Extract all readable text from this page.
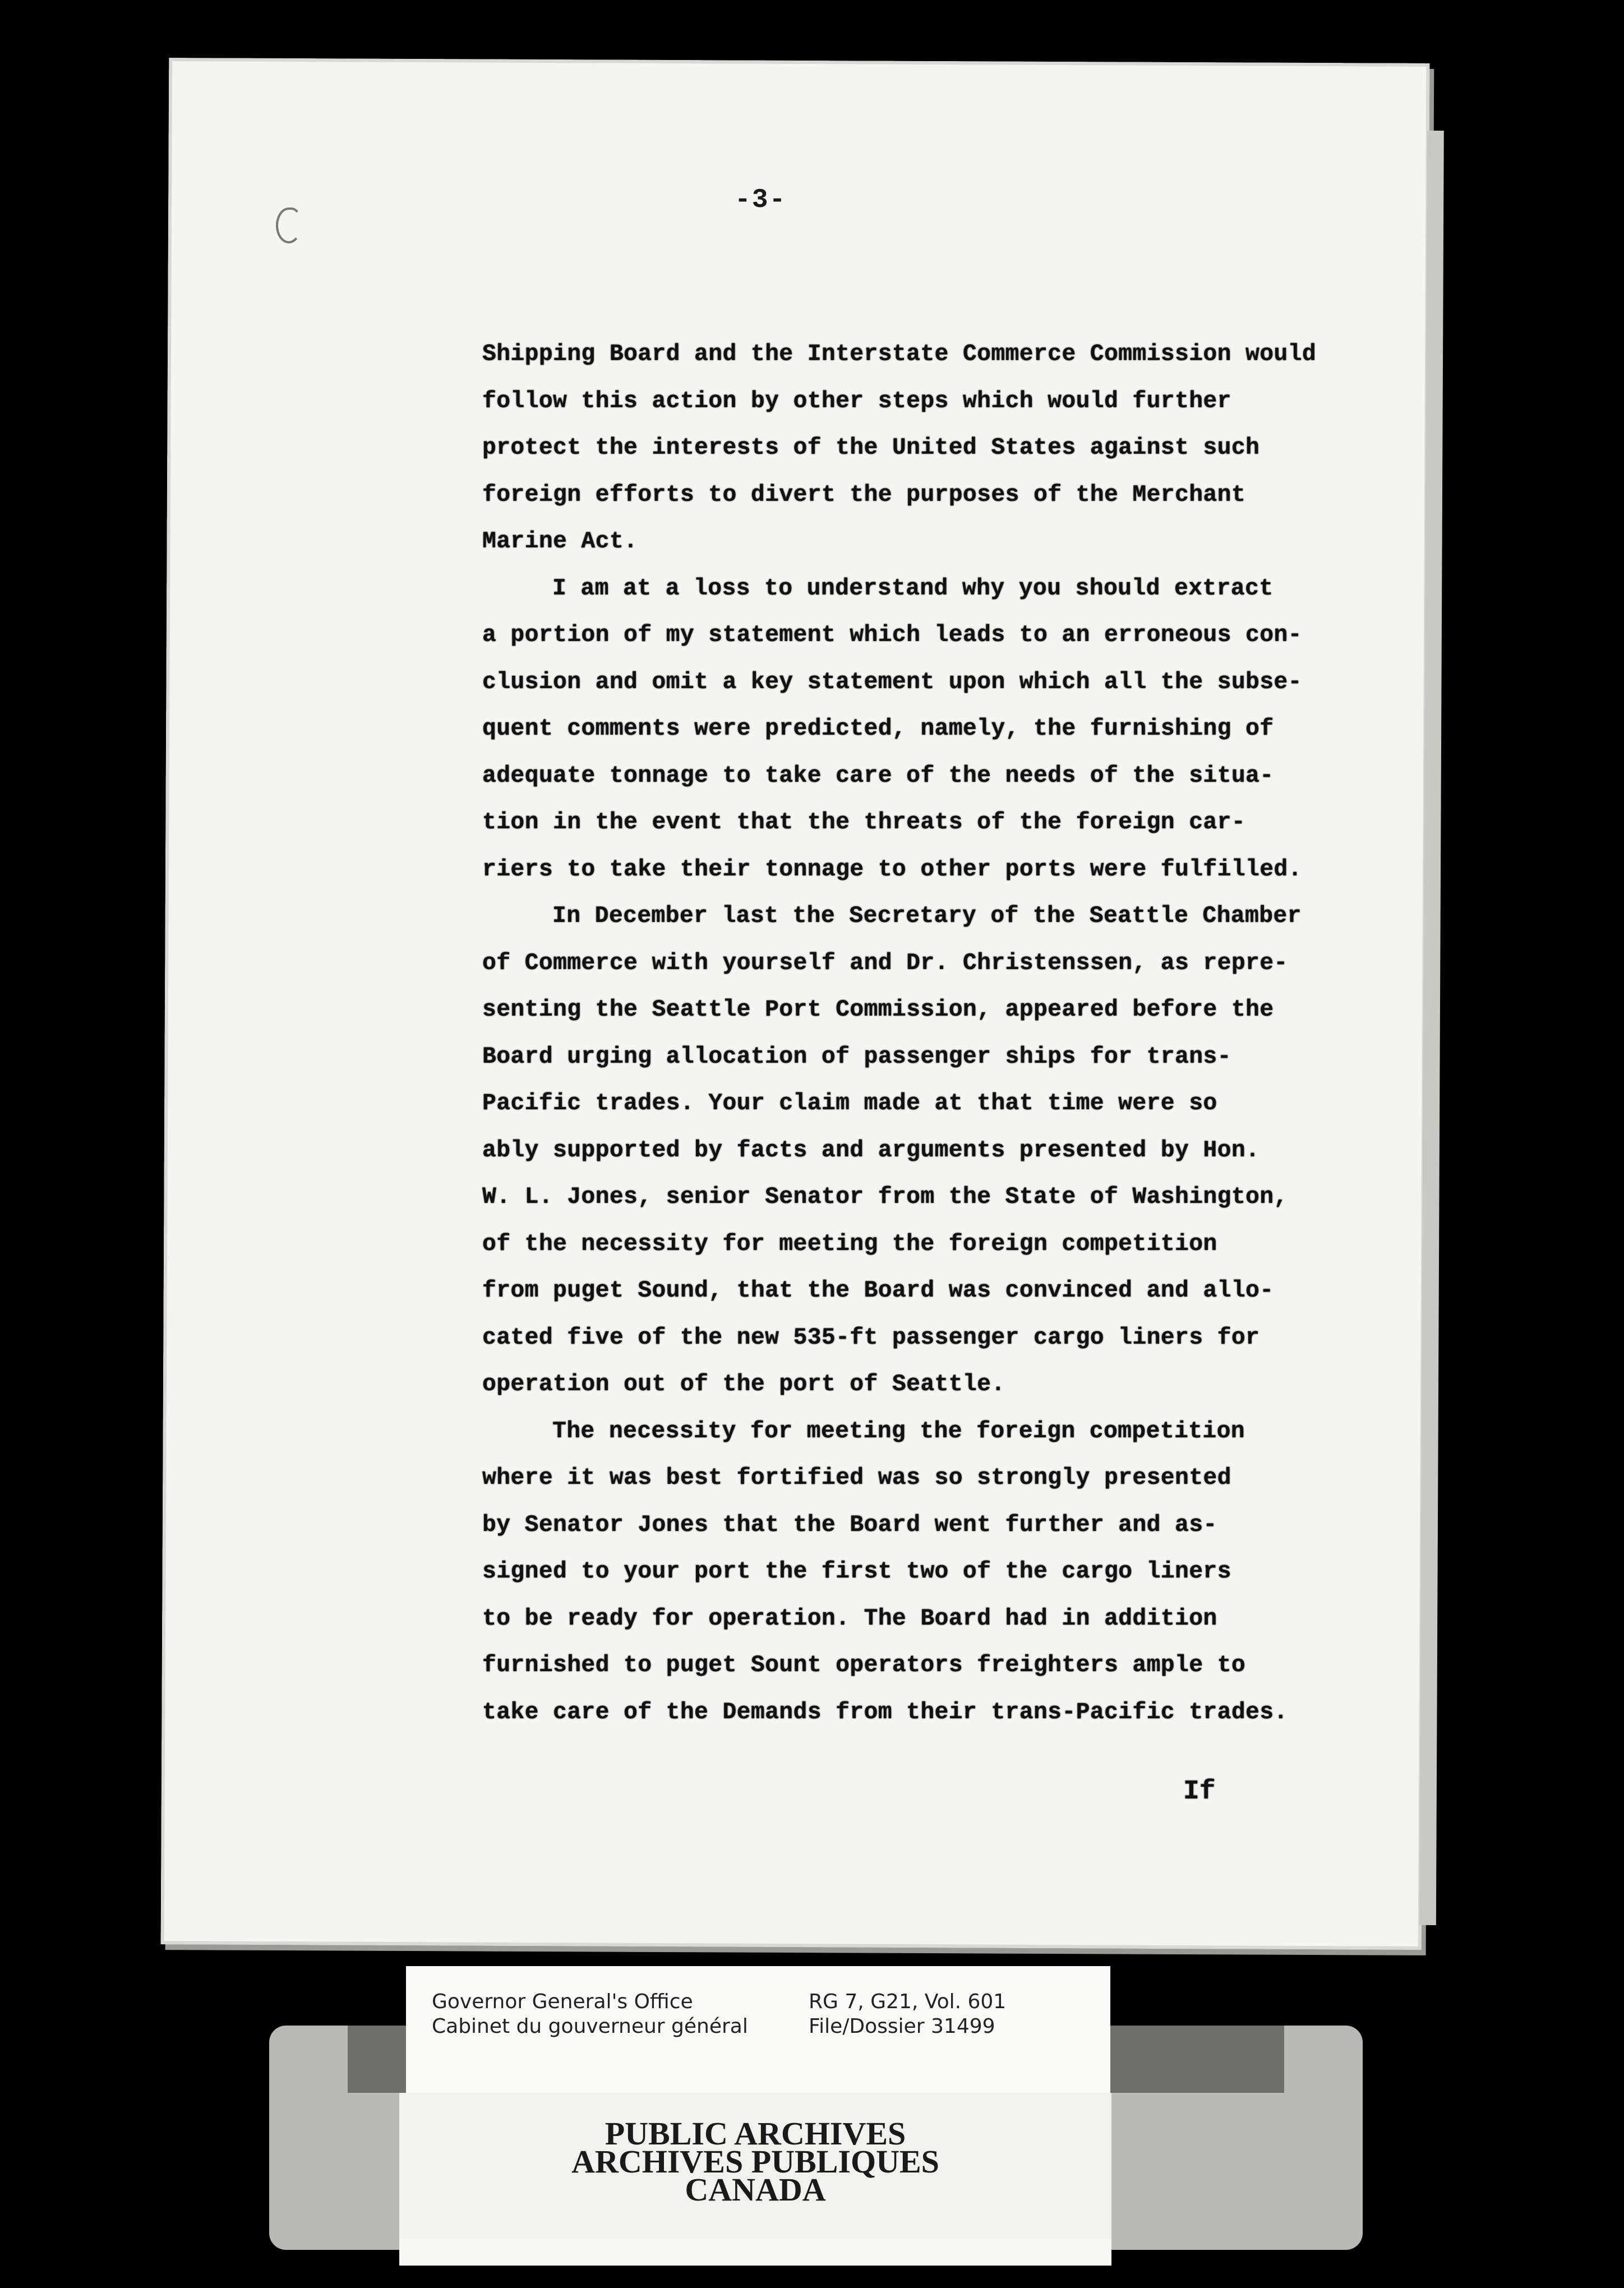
-3-
Shipping Board and the Interstate Commerce Commission would
follow this action by other steps which would further
protect the interests of the United States against such
foreign efforts to divert the purposes of the Merchant
Marine Act.
I am at a loss to understand why you should extract
a portion of my statement which leads to an erroneous con-
clusion and omit a key statement upon which all the subse-
quent comments were predicted, namely, the furnishing of
adequate tonnage to take care of the needs of the situa-
tion in the event that the threats of the foreign car-
riers to take their tonnage to other ports were fulfilled.
In December last the Secretary of the Seattle Chamber
of Commerce with yourself and Dr. Christenssen, as repre-
senting the Seattle Port Commission, appeared before the
Board urging allocation of passenger ships for trans-
Pacific trades. Your claim made at that time were so
ably supported by facts and arguments presented by Hon.
W. L. Jones, senior Senator from the State of Washington,
of the necessity for meeting the foreign competition
from puget Sound, that the Board was convinced and allo-
cated five of the new 535-ft passenger cargo liners for
operation out of the port of Seattle.
The necessity for meeting the foreign competition
where it was best fortified was so strongly presented
by Senator Jones that the Board went further and as-
signed to your port the first two of the cargo liners
to be ready for operation. The Board had in addition
furnished to puget Sount operators freighters ample to
take care of the Demands from their trans-Pacific trades.
If
Governor General's Office
Cabinet du gouverneur général
RG 7, G21, Vol. 601
File/Dossier 31499
PUBLIC ARCHIVES
ARCHIVES PUBLIQUES
CANADA
